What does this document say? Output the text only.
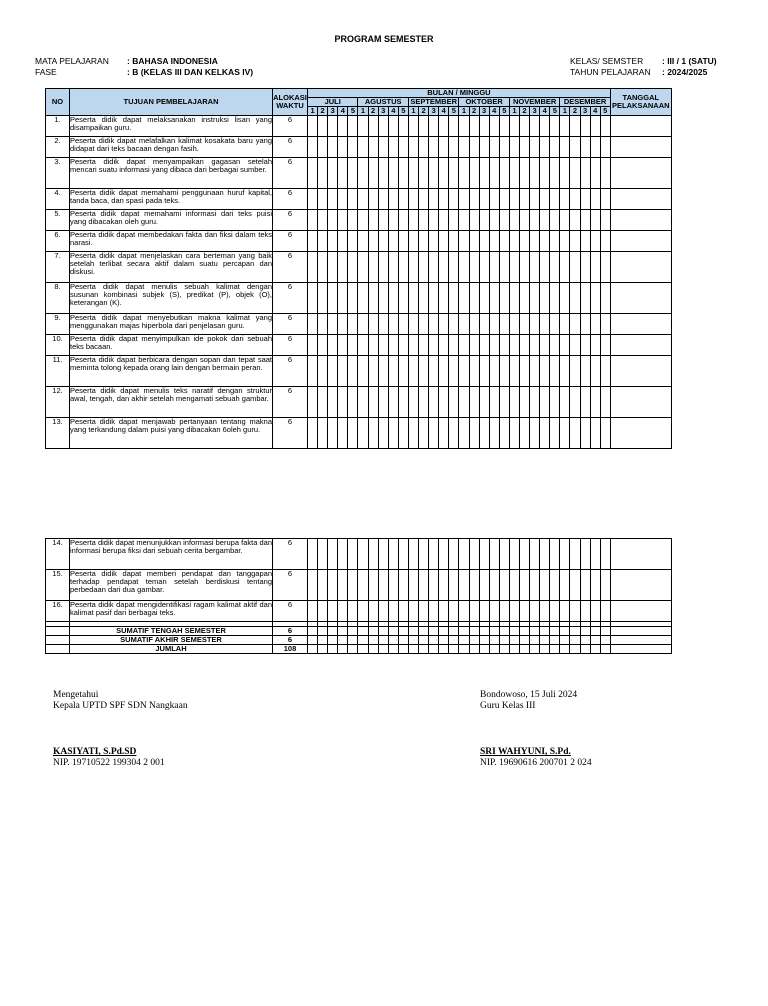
PROGRAM SEMESTER
MATA PELAJARAN : BAHASA INDONESIA
FASE	: B (KELAS III DAN KELKAS IV)
KELAS/ SEMSTER : III / 1 (SATU)
TAHUN PELAJARAN : 2024/2025
NO	TUJUAN PEMBELAJARAN	ALOKASI WAKTU	BULAN / MINGGU																														TANGGAL PELAKSANAAN
			JULI					AGUSTUS					SEPTEMBER					OKTOBER					NOVEMBER					DESEMBER					
			1	2	3	4	5	1	2	3	4	5	1	2	3	4	5	1	2	3	4	5	1	2	3	4	5	1	2	3	4	5	
1.	Peserta didik dapat melaksanakan instruksi lisan yang disampaikan guru.	6																															
2.	Peserta didik dapat melafalkan kalimat kosakata baru yang didapat dari teks bacaan dengan fasih.	6																															
3.	Peserta didik dapat menyampaikan gagasan setelah mencari suatu informasi yang dibaca dari berbagai sumber.	6																															
4.	Peserta didik dapat memahami penggunaan huruf kapital, tanda baca, dan spasi pada teks.	6																															
5.	Peserta didik dapat memahami informasi dari teks puisi yang dibacakan oleh guru.	6																															
6.	Peserta didik dapat membedakan fakta dan fiksi dalam teks narasi.	6																															
7.	Peserta didik dapat menjelaskan cara berteman yang baik setelah terlibat secara aktif dalam suatu percapan dan diskusi.	6																															
8.	Peserta didik dapat menulis sebuah kalimat dengan susunan kombinasi subjek (S), predikat (P), objek (O), keterangan (K).	6																															
9.	Peserta didik dapat menyebutkan makna kalimat yang menggunakan majas hiperbola dari penjelasan guru.	6																															
10.	Peserta didik dapat menyimpulkan ide pokok dari sebuah teks bacaan.	6																															
11.	Peserta didik dapat berbicara dengan sopan dan tepat saat meminta tolong kepada orang lain dengan bermain peran.	6																															
12.	Peserta didik dapat menulis teks naratif dengan struktur awal, tengah, dan akhir setelah mengamati sebuah gambar.	6																															
13.	Peserta didik dapat menjawab pertanyaan tentang makna yang terkandung dalam puisi yang dibacakan 6oleh guru.	6																															
14.	Peserta didik dapat menunjukkan informasi berupa fakta dan informasi berupa fiksi dari sebuah cerita bergambar.	6																															
15.	Peserta didik dapat memberi pendapat dan tanggapan terhadap pendapat teman setelah berdiskusi tentang perbedaan dari dua gambar.	6																															
16.	Peserta didik dapat mengidentifikasi ragam kalimat aktif dan kalimat pasif dari berbagai teks.	6																															

	SUMATIF TENGAH SEMESTER	6																															
	SUMATIF AKHIR SEMESTER	6																															
	JUMLAH	108																															
Mengetahui
Kepala UPTD SPF SDN Nangkaan
KASIYATI, S.Pd.SD
NIP. 19710522 199304 2 001
Bondowoso, 15 Juli 2024
Guru Kelas III
SRI WAHYUNI, S.Pd.
NIP. 19690616 200701 2 024
